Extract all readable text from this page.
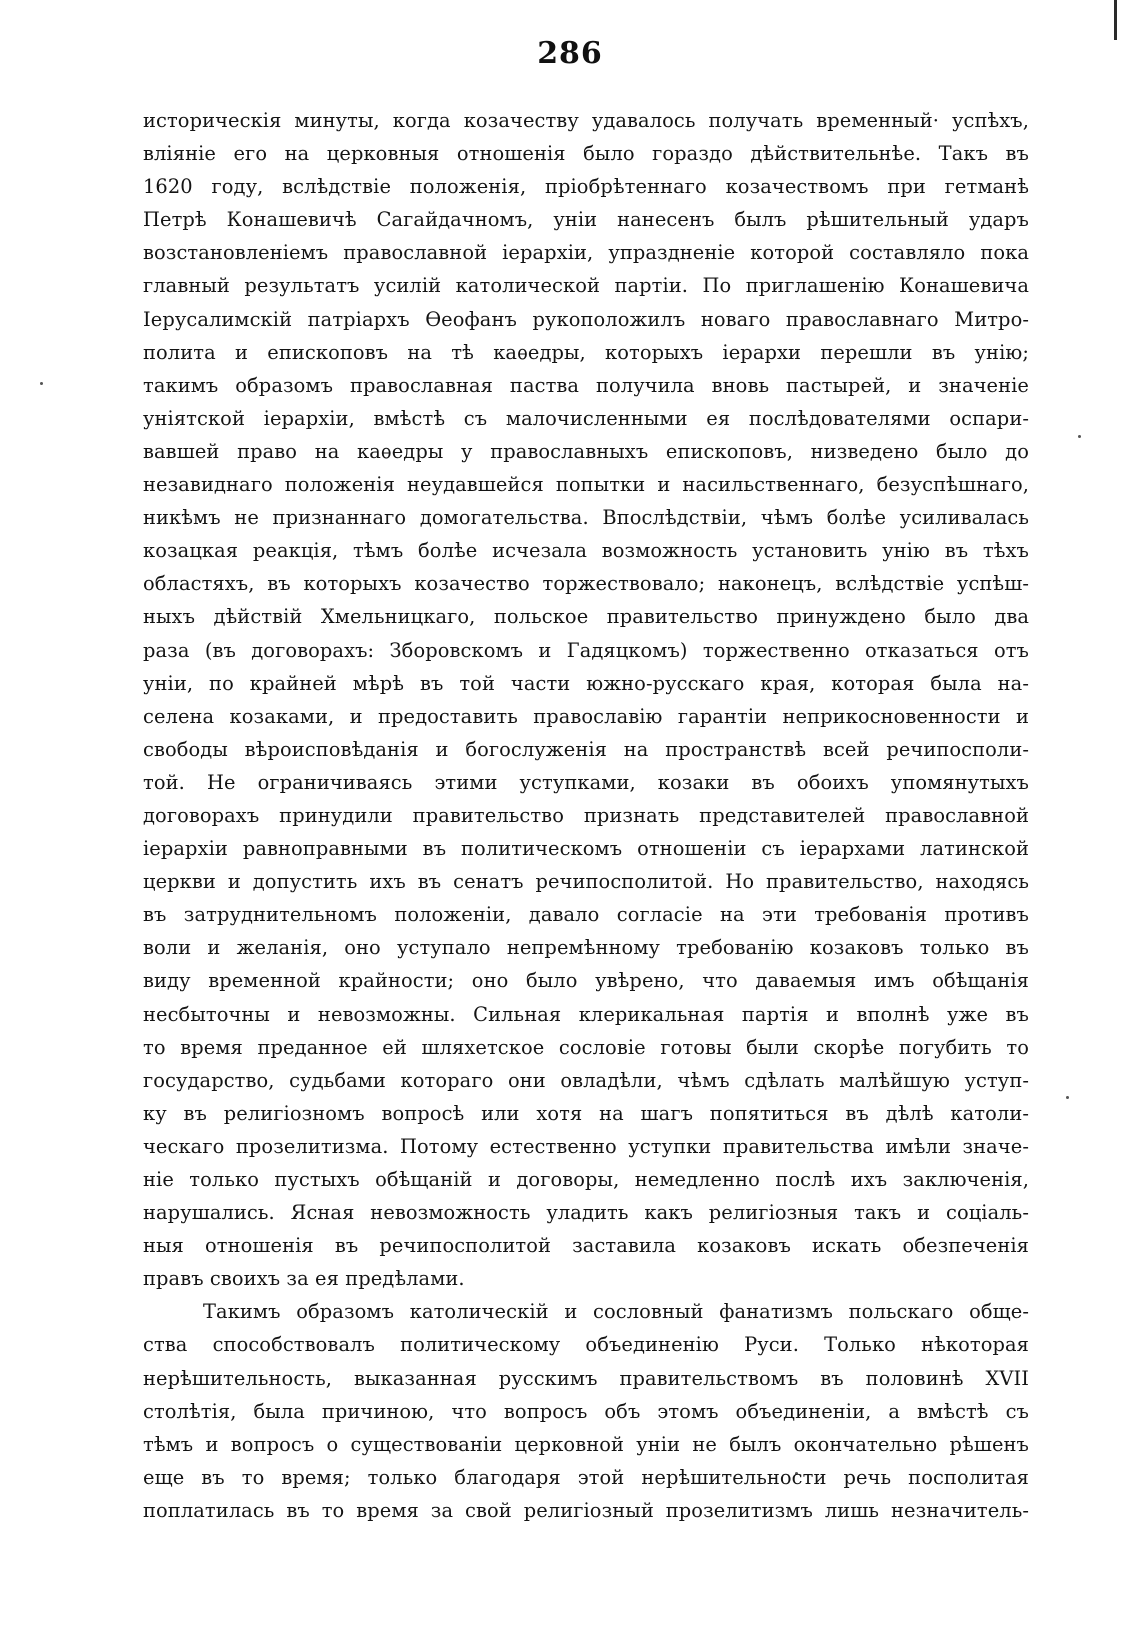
286
историческія минуты, когда козачеству удавалось получать временный· успѣхъ,
вліяніе его на церковныя отношенія было гораздо дѣйствительнѣе. Такъ въ
1620 году, вслѣдствіе положенія, пріобрѣтеннаго козачествомъ при гетманѣ
Петрѣ Конашевичѣ Сагайдачномъ, уніи нанесенъ былъ рѣшительный ударъ
возстановленіемъ православной іерархіи, упраздненіе которой составляло пока
главный результатъ усилій католической партіи. По приглашенію Конашевича
Іерусалимскій патріархъ Ѳеофанъ рукоположилъ новаго православнаго Митро-
полита и епископовъ на тѣ каѳедры, которыхъ іерархи перешли въ унію;
такимъ образомъ православная паства получила вновь пастырей, и значеніе
уніятской іерархіи, вмѣстѣ съ малочисленными ея послѣдователями оспари-
вавшей право на каѳедры у православныхъ епископовъ, низведено было до
незавиднаго положенія неудавшейся попытки и насильственнаго, безуспѣшнаго,
никѣмъ не признаннаго домогательства. Впослѣдствіи, чѣмъ болѣе усиливалась
козацкая реакція, тѣмъ болѣе исчезала возможность установить унію въ тѣхъ
областяхъ, въ которыхъ козачество торжествовало; наконецъ, вслѣдствіе успѣш-
ныхъ дѣйствій Хмельницкаго, польское правительство принуждено было два
раза (въ договорахъ: Зборовскомъ и Гадяцкомъ) торжественно отказаться отъ
уніи, по крайней мѣрѣ въ той части южно-русскаго края, которая была на-
селена козаками, и предоставить православію гарантіи неприкосновенности и
свободы вѣроисповѣданія и богослуженія на пространствѣ всей речипосполи-
той. Не ограничиваясь этими уступками, козаки въ обоихъ упомянутыхъ
договорахъ принудили правительство признать представителей православной
іерархіи равноправными въ политическомъ отношеніи съ іерархами латинской
церкви и допустить ихъ въ сенатъ речипосполитой. Но правительство, находясь
въ затруднительномъ положеніи, давало согласіе на эти требованія противъ
воли и желанія, оно уступало непремѣнному требованію козаковъ только въ
виду временной крайности; оно было увѣрено, что даваемыя имъ обѣщанія
несбыточны и невозможны. Сильная клерикальная партія и вполнѣ уже въ
то время преданное ей шляхетское сословіе готовы были скорѣе погубить то
государство, судьбами котораго они овладѣли, чѣмъ сдѣлать малѣйшую уступ-
ку въ религіозномъ вопросѣ или хотя на шагъ попятиться въ дѣлѣ католи-
ческаго прозелитизма. Потому естественно уступки правительства имѣли значе-
ніе только пустыхъ обѣщаній и договоры, немедленно послѣ ихъ заключенія,
нарушались. Ясная невозможность уладить какъ религіозныя такъ и соціаль-
ныя отношенія въ речипосполитой заставила козаковъ искать обезпеченія
правъ своихъ за ея предѣлами.
Такимъ образомъ католическій и сословный фанатизмъ польскаго обще-
ства способствовалъ политическому объединенію Руси. Только нѣкоторая
нерѣшительность, выказанная русскимъ правительствомъ въ половинѣ XVII
столѣтія, была причиною, что вопросъ объ этомъ объединеніи, а вмѣстѣ съ
тѣмъ и вопросъ о существованіи церковной уніи не былъ окончательно рѣшенъ
еще въ то время; только благодаря этой нерѣшительности речь посполитая
поплатилась въ то время за свой религіозный прозелитизмъ лишь незначитель-
